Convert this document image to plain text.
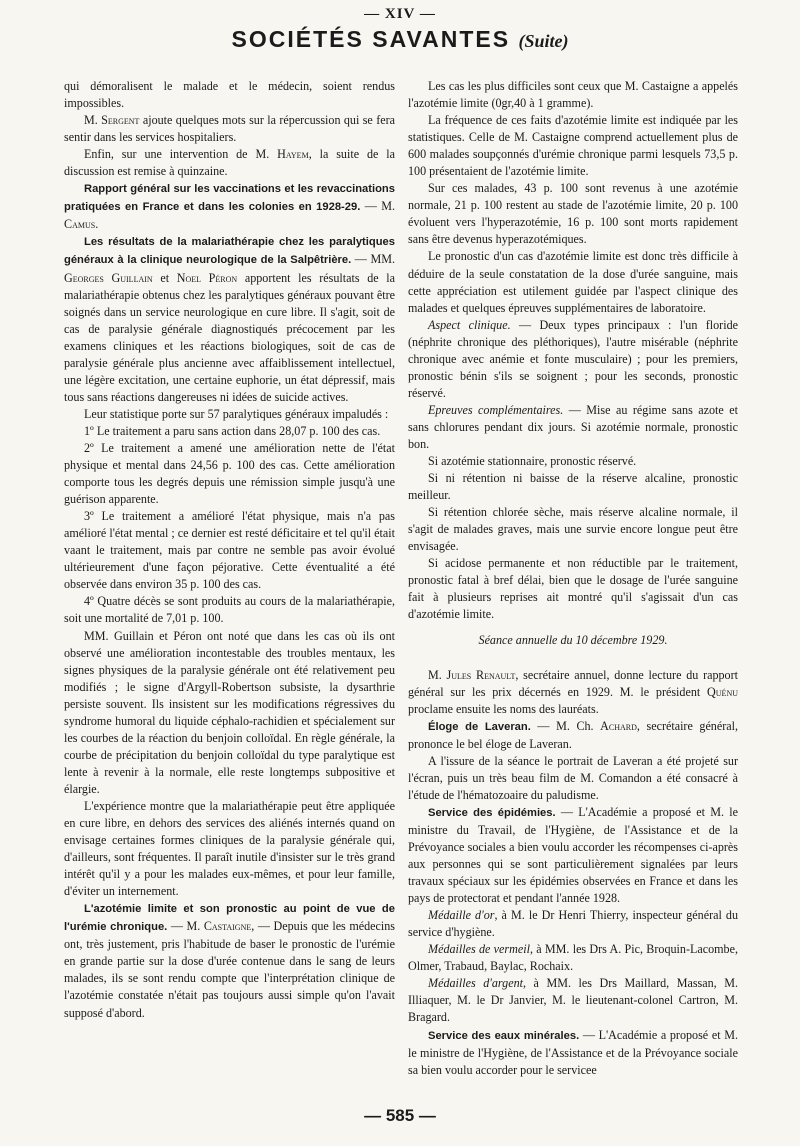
— XIV —
SOCIÉTÉS SAVANTES (Suite)

qui démoralisent le malade et le médecin, soient rendus impossibles.

M. Sergent ajoute quelques mots sur la répercussion qui se fera sentir dans les services hospitaliers.

Enfin, sur une intervention de M. Hayem, la suite de la discussion est remise à quinzaine.

Rapport général sur les vaccinations et les revaccinations pratiquées en France et dans les colonies en 1928-29. — M. Camus.

Les résultats de la malariathérapie chez les paralytiques généraux à la clinique neurologique de la Salpêtrière. — MM. Georges Guillain et Noel Péron apportent les résultats de la malariathérapie obtenus chez les paralytiques généraux pouvant être soignés dans un service neurologique en cure libre. Il s'agit, soit de cas de paralysie générale diagnostiqués précocement par les examens cliniques et les réactions biologiques, soit de cas de paralysie générale plus ancienne avec affaiblissement intellectuel, une légère excitation, une certaine euphorie, un état dépressif, mais tous sans réactions dangereuses ni idées de suicide actives.

Leur statistique porte sur 57 paralytiques généraux impaludés :

1º Le traitement a paru sans action dans 28,07 p. 100 des cas.

2º Le traitement a amené une amélioration nette de l'état physique et mental dans 24,56 p. 100 des cas. Cette amélioration comporte tous les degrés depuis une rémission simple jusqu'à une guérison apparente.

3º Le traitement a amélioré l'état physique, mais n'a pas amélioré l'état mental ; ce dernier est resté déficitaire et tel qu'il était vaant le traitement, mais par contre ne semble pas avoir évolué ultérieurement d'une façon péjorative. Cette éventualité a été observée dans environ 35 p. 100 des cas.

4º Quatre décès se sont produits au cours de la malariathérapie, soit une mortalité de 7,01 p. 100.

MM. Guillain et Péron ont noté que dans les cas où ils ont observé une amélioration incontestable des troubles mentaux, les signes physiques de la paralysie générale ont été relativement peu modifiés ; le signe d'Argyll-Robertson subsiste, la dysarthrie persiste souvent. Ils insistent sur les modifications régressives du syndrome humoral du liquide céphalo-rachidien et spécialement sur les courbes de la réaction du benjoin colloïdal. En règle générale, la courbe de précipitation du benjoin colloïdal du type paralytique est lente à revenir à la normale, elle reste longtemps subpositive et élargie.

L'expérience montre que la malariathérapie peut être appliquée en cure libre, en dehors des services des aliénés internés quand on envisage certaines formes cliniques de la paralysie générale qui, d'ailleurs, sont fréquentes. Il paraît inutile d'insister sur le très grand intérêt qu'il y a pour les malades eux-mêmes, et pour leur famille, d'éviter un internement.

L'azotémie limite et son pronostic au point de vue de l'urémie chronique. — M. Castaigne, — Depuis que les médecins ont, très justement, pris l'habitude de baser le pronostic de l'urémie en grande partie sur la dose d'urée contenue dans le sang de leurs malades, ils se sont rendu compte que l'interprétation clinique de l'azotémie constatée n'était pas toujours aussi simple qu'on l'avait supposé d'abord.

Les cas les plus difficiles sont ceux que M. Castaigne a appelés l'azotémie limite (0gr,40 à 1 gramme).

La fréquence de ces faits d'azotémie limite est indiquée par les statistiques. Celle de M. Castaigne comprend actuellement plus de 600 malades soupçonnés d'urémie chronique parmi lesquels 73,5 p. 100 présentaient de l'azotémie limite.

Sur ces malades, 43 p. 100 sont revenus à une azotémie normale, 21 p. 100 restent au stade de l'azotémie limite, 20 p. 100 évoluent vers l'hyperazotémie, 16 p. 100 sont morts rapidement sans être devenus hyperazotémiques.

Le pronostic d'un cas d'azotémie limite est donc très difficile à déduire de la seule constatation de la dose d'urée sanguine, mais cette appréciation est utilement guidée par l'aspect clinique des malades et quelques épreuves supplémentaires de laboratoire.

Aspect clinique. — Deux types principaux : l'un floride (néphrite chronique des pléthoriques), l'autre misérable (néphrite chronique avec anémie et fonte musculaire) ; pour les premiers, pronostic bénin s'ils se soignent ; pour les seconds, pronostic réservé.

Epreuves complémentaires. — Mise au régime sans azote et sans chlorures pendant dix jours. Si azotémie normale, pronostic bon.

Si azotémie stationnaire, pronostic réservé.

Si ni rétention ni baisse de la réserve alcaline, pronostic meilleur.

Si rétention chlorée sèche, mais réserve alcaline normale, il s'agit de malades graves, mais une survie encore longue peut être envisagée.

Si acidose permanente et non réductible par le traitement, pronostic fatal à bref délai, bien que le dosage de l'urée sanguine fait à plusieurs reprises ait montré qu'il s'agissait d'un cas d'azotémie limite.

Séance annuelle du 10 décembre 1929.

M. Jules Renault, secrétaire annuel, donne lecture du rapport général sur les prix décernés en 1929. M. le président Quénu proclame ensuite les noms des lauréats.

Éloge de Laveran. — M. Ch. Achard, secrétaire général, prononce le bel éloge de Laveran.

A l'issure de la séance le portrait de Laveran a été projeté sur l'écran, puis un très beau film de M. Comandon a été consacré à l'étude de l'hématozoaire du paludisme.

Service des épidémies. — L'Académie a proposé et M. le ministre du Travail, de l'Hygiène, de l'Assistance et de la Prévoyance sociales a bien voulu accorder les récompenses ci-après aux personnes qui se sont particulièrement signalées par leurs travaux spéciaux sur les épidémies observées en France et dans les pays de protectorat et pendant l'année 1928.

Médaille d'or, à M. le Dr Henri Thierry, inspecteur général du service d'hygiène.

Médailles de vermeil, à MM. les Drs A. Pic, Broquin-Lacombe, Olmer, Trabaud, Baylac, Rochaix.

Médailles d'argent, à MM. les Drs Maillard, Massan, M. Illiaquer, M. le Dr Janvier, M. le lieutenant-colonel Cartron, M. Bragard.

Service des eaux minérales. — L'Académie a proposé et M. le ministre de l'Hygiène, de l'Assistance et de la Prévoyance sociale sa bien voulu accorder pour le servicee

— 585 —
